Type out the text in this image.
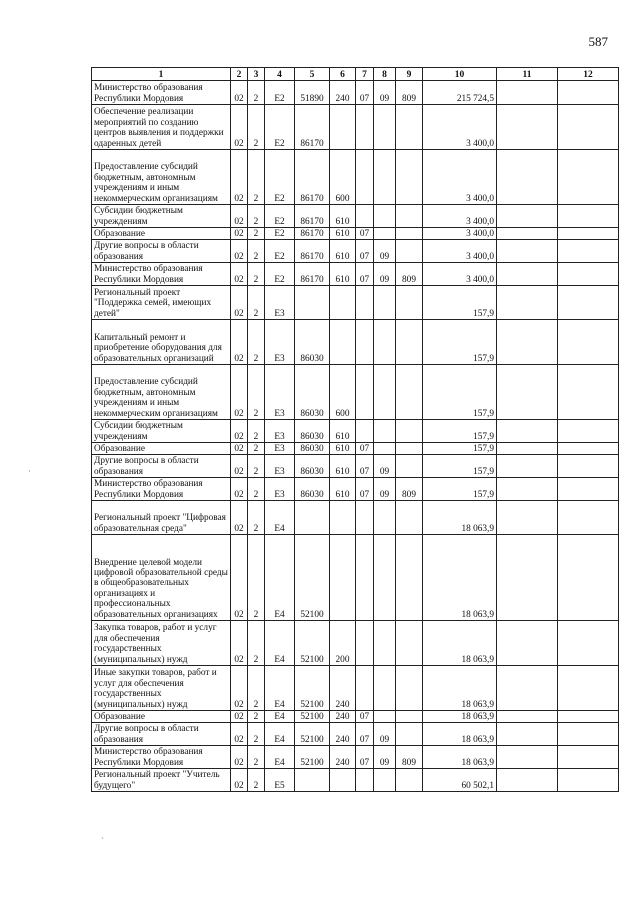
587
1	2	3	4	5	6	7	8	9	10	11	12
Министерство образования Республики Мордовия	02	2	Е2	51890	240	07	09	809	215 724,5		
Обеспечение реализации мероприятий по созданию центров выявления и поддержки одаренных детей	02	2	Е2	86170					3 400,0		
Предоставление субсидий бюджетным, автономным учреждениям и иным некоммерческим организациям	02	2	Е2	86170	600				3 400,0		
Субсидии бюджетным учреждениям	02	2	Е2	86170	610				3 400,0		
Образование	02	2	Е2	86170	610	07			3 400,0		
Другие вопросы в области образования	02	2	Е2	86170	610	07	09		3 400,0		
Министерство образования Республики Мордовия	02	2	Е2	86170	610	07	09	809	3 400,0		
Региональный проект "Поддержка семей, имеющих детей"	02	2	Е3						157,9		
Капитальный ремонт и приобретение оборудования для образовательных организаций	02	2	Е3	86030					157,9		
Предоставление субсидий бюджетным, автономным учреждениям и иным некоммерческим организациям	02	2	Е3	86030	600				157,9		
Субсидии бюджетным учреждениям	02	2	Е3	86030	610				157,9		
Образование	02	2	Е3	86030	610	07			157,9		
Другие вопросы в области образования	02	2	Е3	86030	610	07	09		157,9		
Министерство образования Республики Мордовия	02	2	Е3	86030	610	07	09	809	157,9		
Региональный проект "Цифровая образовательная среда"	02	2	Е4						18 063,9		
Внедрение целевой модели цифровой образовательной среды в общеобразовательных организациях и профессиональных образовательных организациях	02	2	Е4	52100					18 063,9		
Закупка товаров, работ и услуг для обеспечения государственных (муниципальных) нужд	02	2	Е4	52100	200				18 063,9		
Иные закупки товаров, работ и услуг для обеспечения государственных (муниципальных) нужд	02	2	Е4	52100	240				18 063,9		
Образование	02	2	Е4	52100	240	07			18 063,9		
Другие вопросы в области образования	02	2	Е4	52100	240	07	09		18 063,9		
Министерство образования Республики Мордовия	02	2	Е4	52100	240	07	09	809	18 063,9		
Региональный проект "Учитель будущего"	02	2	Е5						60 502,1		
·
`
